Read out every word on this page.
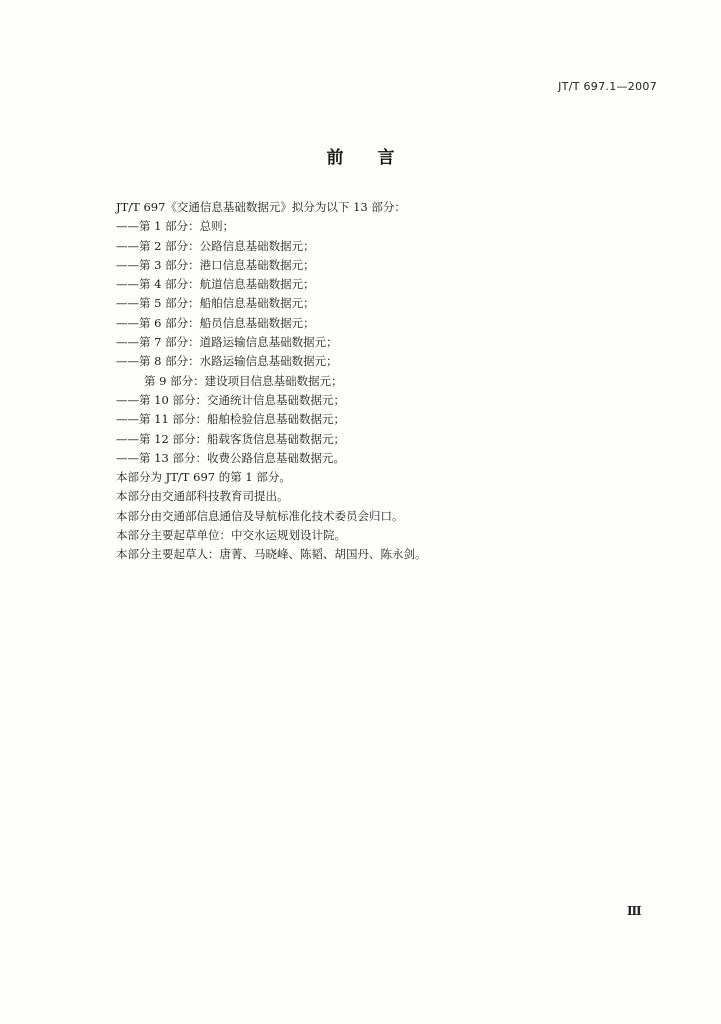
JT/T 697.1—2007
前 言
JT/T 697《交通信息基础数据元》拟分为以下 13 部分：
——第 1 部分：总则；
——第 2 部分：公路信息基础数据元；
——第 3 部分：港口信息基础数据元；
——第 4 部分：航道信息基础数据元；
——第 5 部分：船舶信息基础数据元；
——第 6 部分：船员信息基础数据元；
——第 7 部分：道路运输信息基础数据元；
——第 8 部分：水路运输信息基础数据元；
第 9 部分：建设项目信息基础数据元；
——第 10 部分：交通统计信息基础数据元；
——第 11 部分：船舶检验信息基础数据元；
——第 12 部分：船载客货信息基础数据元；
——第 13 部分：收费公路信息基础数据元。
本部分为 JT/T 697 的第 1 部分。
本部分由交通部科技教育司提出。
本部分由交通部信息通信及导航标准化技术委员会归口。
本部分主要起草单位：中交水运规划设计院。
本部分主要起草人：唐菁、马晓峰、陈韬、胡国丹、陈永剑。
Ⅲ
